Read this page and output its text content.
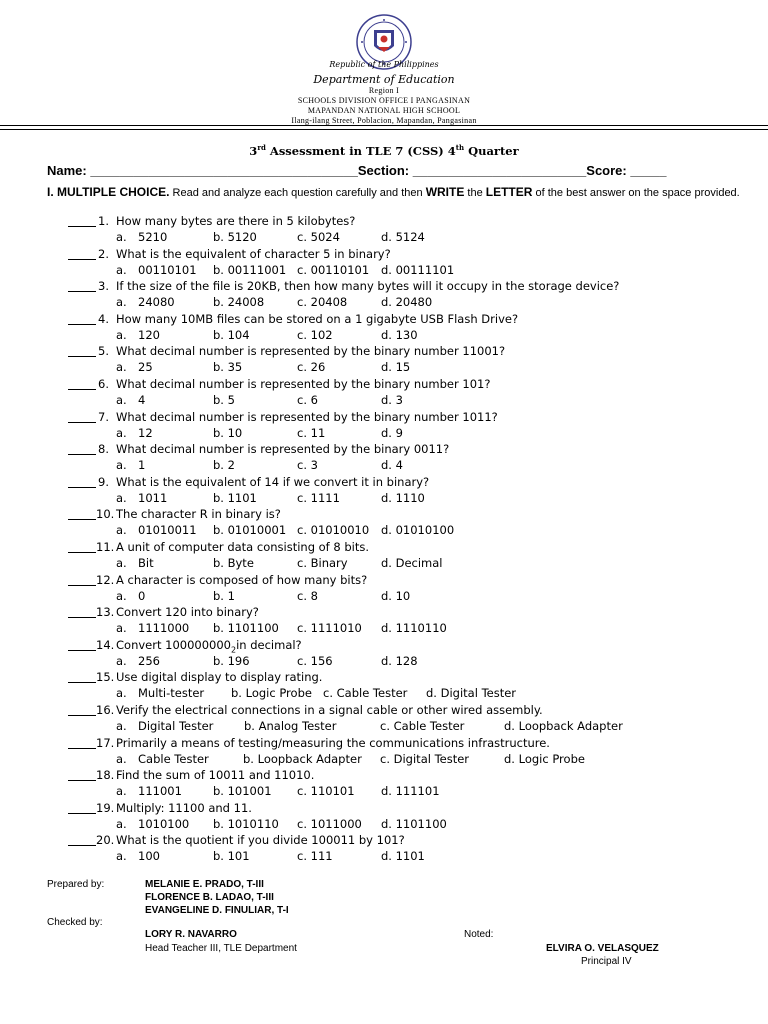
Republic of the Philippines
Department of Education
Region I
SCHOOLS DIVISION OFFICE I PANGASINAN
MAPANDAN NATIONAL HIGH SCHOOL
Ilang-ilang Street, Poblacion, Mapandan, Pangasinan
3rd Assessment in TLE 7 (CSS) 4th Quarter
Name: _____________________________________Section: ________________________Score: _____
I. MULTIPLE CHOICE. Read and analyze each question carefully and then WRITE the LETTER of the best answer on the space provided.
1. How many bytes are there in 5 kilobytes?
a. 5210	b. 5120	c. 5024	d. 5124
2. What is the equivalent of character 5 in binary?
a. 00110101 b. 00111001 c. 00110101 d. 00111101
3. If the size of the file is 20KB, then how many bytes will it occupy in the storage device?
a. 24080	b. 24008	c. 20408	d. 20480
4. How many 10MB files can be stored on a 1 gigabyte USB Flash Drive?
a. 120	b. 104	c. 102	d. 130
5. What decimal number is represented by the binary number 11001?
a. 25	b. 35	c. 26	d. 15
6. What decimal number is represented by the binary number 101?
a. 4	b. 5	c. 6	d. 3
7. What decimal number is represented by the binary number 1011?
a. 12	b. 10	c. 11	d. 9
8. What decimal number is represented by the binary 0011?
a. 1	b. 2	c. 3	d. 4
9. What is the equivalent of 14 if we convert it in binary?
a. 1011	b. 1101	c. 1111	d. 1110
10. The character R in binary is?
a. 01010011 b. 01010001 c. 01010010 d. 01010100
11. A unit of computer data consisting of 8 bits.
a. Bit	b. Byte	c. Binary	d. Decimal
12. A character is composed of how many bits?
a. 0	b. 1	c. 8	d. 10
13. Convert 120 into binary?
a. 1111000 b. 1101100 c. 1111010 d. 1110110
14. Convert $100000000_2in$ decimal?
a. 256	b. 196	c. 156	d. 128
15. Use digital display to display rating.
a. Multi-tester b. Logic Probe c. Cable Tester d. Digital Tester
16. Verify the electrical connections in a signal cable or other wired assembly.
a. Digital Tester	b. Analog Tester	c. Cable Tester	d. Loopback Adapter
17. Primarily a means of testing/measuring the communications infrastructure.
a. Cable Tester	b. Loopback Adapter c. Digital Tester	d. Logic Probe
18. Find the sum of 10011 and 11010.
a. 111001	b. 101001 c. 110101 d. 111101
19. Multiply: 11100 and 11.
a. 1010100 b. 1010110 c. 1011000 d. 1101100
20. What is the quotient if you divide 100011 by 101?
a. 100	b. 101	c. 111	d. 1101
Prepared by:	MELANIE E. PRADO, T-III
FLORENCE B. LADAO, T-III
EVANGELINE D. FINULIAR, T-I
Checked by:
LORY R. NAVARRO
Head Teacher III, TLE Department
Noted:
ELVIRA O. VELASQUEZ
Principal IV
